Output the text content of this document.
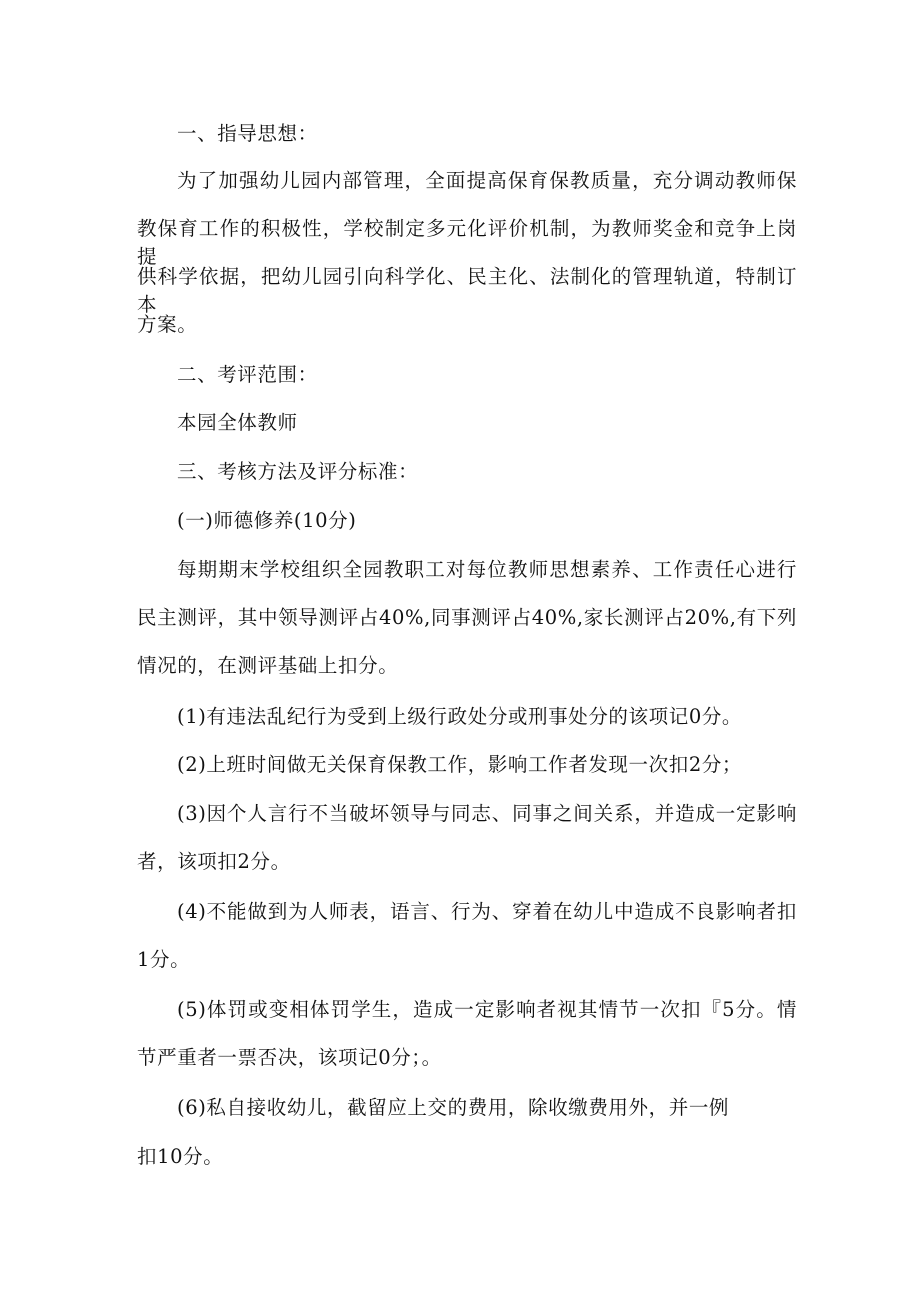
一、指导思想：
为了加强幼儿园内部管理，全面提高保育保教质量，充分调动教师保
教保育工作的积极性，学校制定多元化评价机制，为教师奖金和竞争上岗提
供科学依据，把幼儿园引向科学化、民主化、法制化的管理轨道，特制订本
方案。
二、考评范围：
本园全体教师
三、考核方法及评分标准：
(一)师德修养(10分)
每期期末学校组织全园教职工对每位教师思想素养、工作责任心进行
民主测评，其中领导测评占40%,同事测评占40%,家长测评占20%,有下列
情况的，在测评基础上扣分。
(1)有违法乱纪行为受到上级行政处分或刑事处分的该项记0分。
(2)上班时间做无关保育保教工作，影响工作者发现一次扣2分；
(3)因个人言行不当破坏领导与同志、同事之间关系，并造成一定影响
者，该项扣2分。
(4)不能做到为人师表，语言、行为、穿着在幼儿中造成不良影响者扣
1分。
(5)体罚或变相体罚学生，造成一定影响者视其情节一次扣『5分。情
节严重者一票否决，该项记0分；。
(6)私自接收幼儿，截留应上交的费用，除收缴费用外，并一例
扣10分。
